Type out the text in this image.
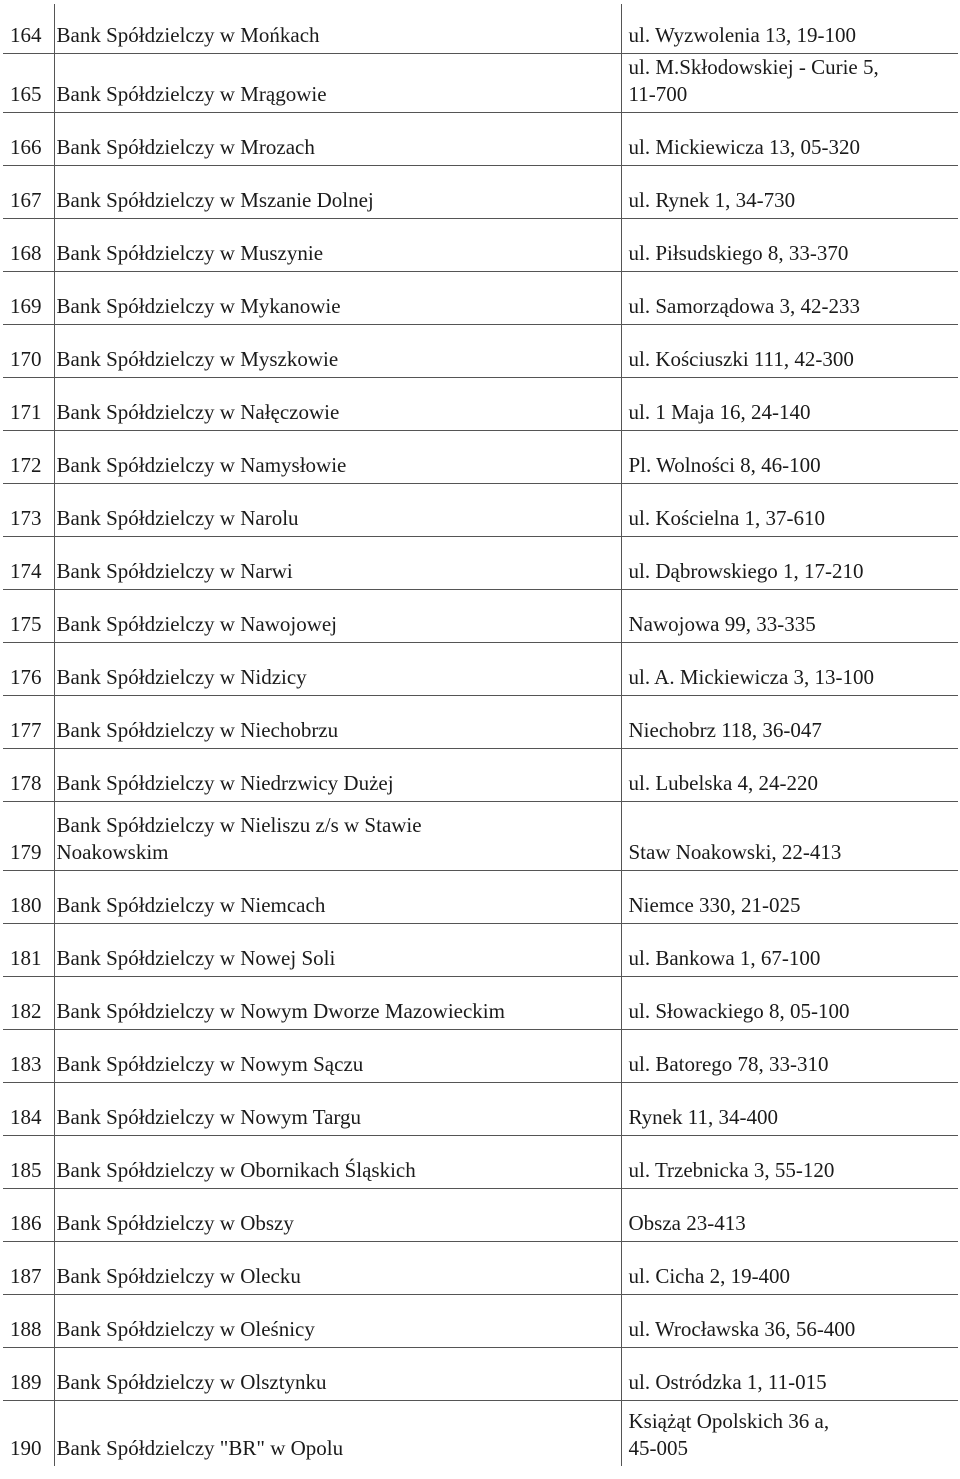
164	Bank Spółdzielczy w Mońkach	ul. Wyzwolenia 13, 19-100

165	Bank Spółdzielczy w Mrągowie	ul. M.Skłodowskiej - Curie 5,
11-700

166	Bank Spółdzielczy w Mrozach	ul. Mickiewicza 13, 05-320

167	Bank Spółdzielczy w Mszanie Dolnej	ul. Rynek 1, 34-730

168	Bank Spółdzielczy w Muszynie	ul. Piłsudskiego 8, 33-370

169	Bank Spółdzielczy w Mykanowie	ul. Samorządowa 3, 42-233

170	Bank Spółdzielczy w Myszkowie	ul. Kościuszki 111, 42-300

171	Bank Spółdzielczy w Nałęczowie	ul. 1 Maja 16, 24-140

172	Bank Spółdzielczy w Namysłowie	Pl. Wolności 8, 46-100

173	Bank Spółdzielczy w Narolu	ul. Kościelna 1, 37-610

174	Bank Spółdzielczy w Narwi	ul. Dąbrowskiego 1, 17-210

175	Bank Spółdzielczy w Nawojowej	Nawojowa 99, 33-335

176	Bank Spółdzielczy w Nidzicy	ul. A. Mickiewicza 3, 13-100

177	Bank Spółdzielczy w Niechobrzu	Niechobrz 118, 36-047

178	Bank Spółdzielczy w Niedrzwicy Dużej	ul. Lubelska 4, 24-220

179	Bank Spółdzielczy w Nieliszu z/s w Stawie
Noakowskim	Staw Noakowski, 22-413

180	Bank Spółdzielczy w Niemcach	Niemce 330, 21-025

181	Bank Spółdzielczy w Nowej Soli	ul. Bankowa 1, 67-100

182	Bank Spółdzielczy w Nowym Dworze Mazowieckim	ul. Słowackiego 8, 05-100

183	Bank Spółdzielczy w Nowym Sączu	ul. Batorego 78, 33-310

184	Bank Spółdzielczy w Nowym Targu	Rynek 11, 34-400

185	Bank Spółdzielczy w Obornikach Śląskich	ul. Trzebnicka 3, 55-120

186	Bank Spółdzielczy w Obszy	Obsza 23-413

187	Bank Spółdzielczy w Olecku	ul. Cicha 2, 19-400

188	Bank Spółdzielczy w Oleśnicy	ul. Wrocławska 36, 56-400

189	Bank Spółdzielczy w Olsztynku	ul. Ostródzka 1, 11-015

190	Bank Spółdzielczy "BR" w Opolu	Książąt Opolskich 36 a,
45-005
